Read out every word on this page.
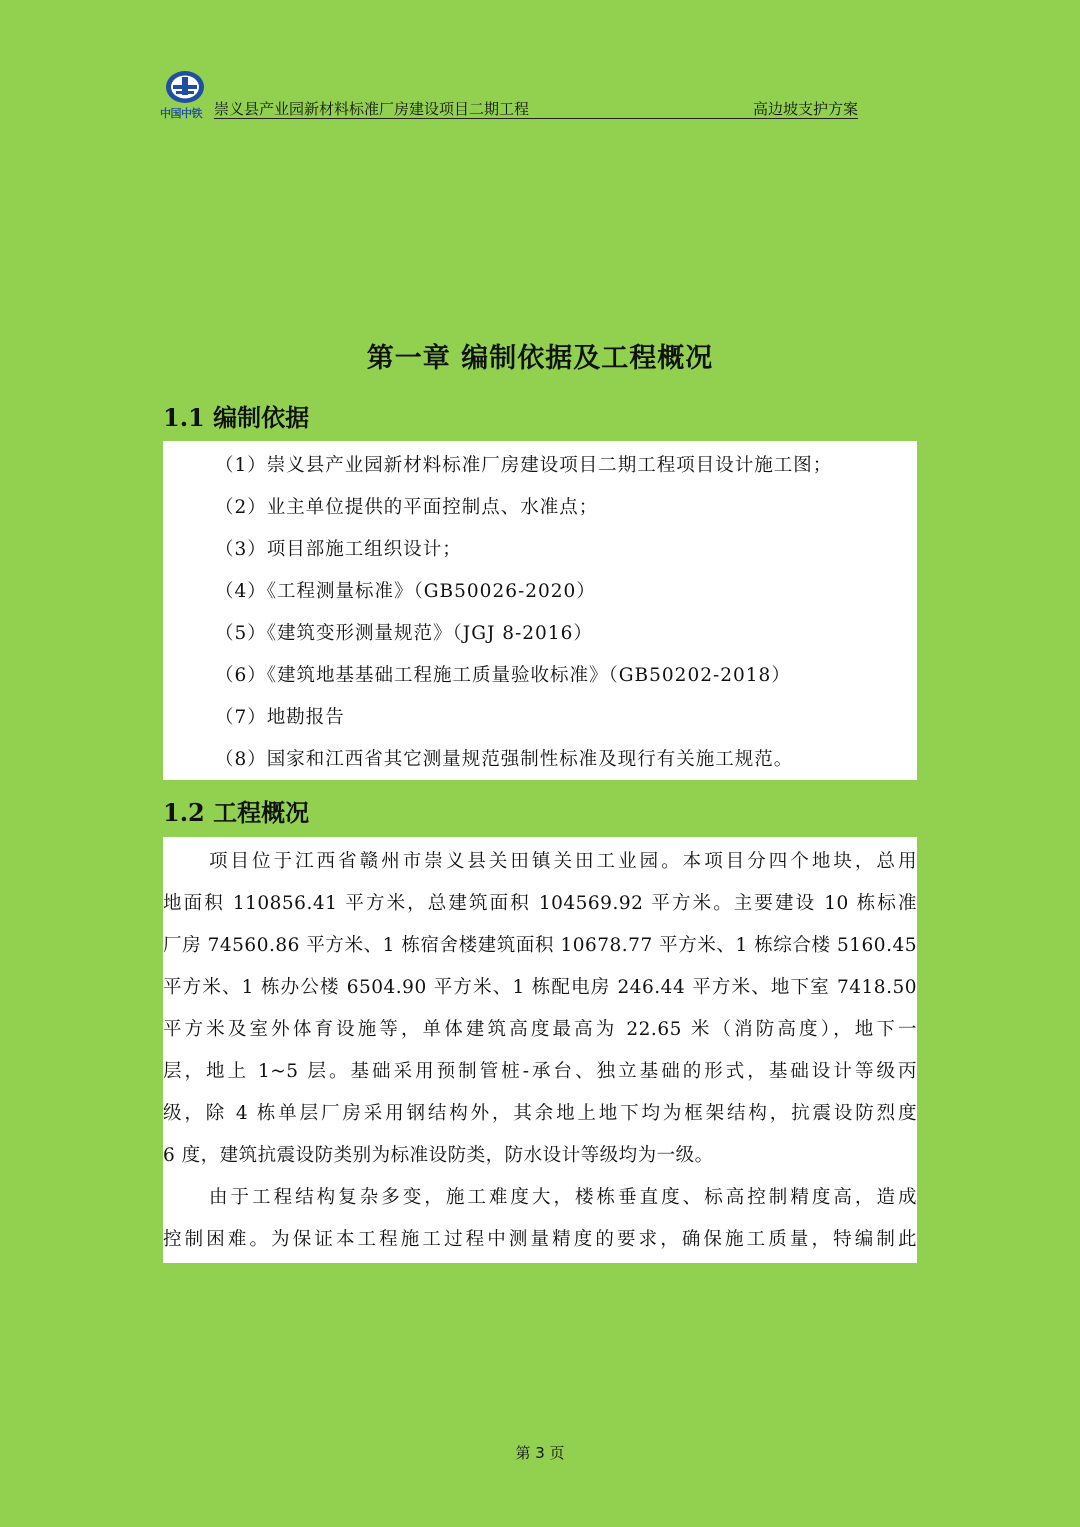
中国中铁 崇义县产业园新材料标准厂房建设项目二期工程	高边坡支护方案
第一章 编制依据及工程概况
1.1 编制依据
（1）崇义县产业园新材料标准厂房建设项目二期工程项目设计施工图；
（2）业主单位提供的平面控制点、水准点；
（3）项目部施工组织设计；
（4）《工程测量标准》（GB50026-2020）
（5）《建筑变形测量规范》（JGJ 8-2016）
（6）《建筑地基基础工程施工质量验收标准》（GB50202-2018）
（7）地勘报告
（8）国家和江西省其它测量规范强制性标准及现行有关施工规范。
1.2 工程概况
项目位于江西省赣州市崇义县关田镇关田工业园。本项目分四个地块，总用
地面积 110856.41 平方米，总建筑面积 104569.92 平方米。主要建设 10 栋标准
厂房 74560.86 平方米、1 栋宿舍楼建筑面积 10678.77 平方米、1 栋综合楼 5160.45
平方米、1 栋办公楼 6504.90 平方米、1 栋配电房 246.44 平方米、地下室 7418.50
平方米及室外体育设施等，单体建筑高度最高为 22.65 米（消防高度），地下一
层，地上 1~5 层。基础采用预制管桩-承台、独立基础的形式，基础设计等级丙
级，除 4 栋单层厂房采用钢结构外，其余地上地下均为框架结构，抗震设防烈度
6 度，建筑抗震设防类别为标准设防类，防水设计等级均为一级。
由于工程结构复杂多变，施工难度大，楼栋垂直度、标高控制精度高，造成
控制困难。为保证本工程施工过程中测量精度的要求，确保施工质量，特编制此
第 3 页
